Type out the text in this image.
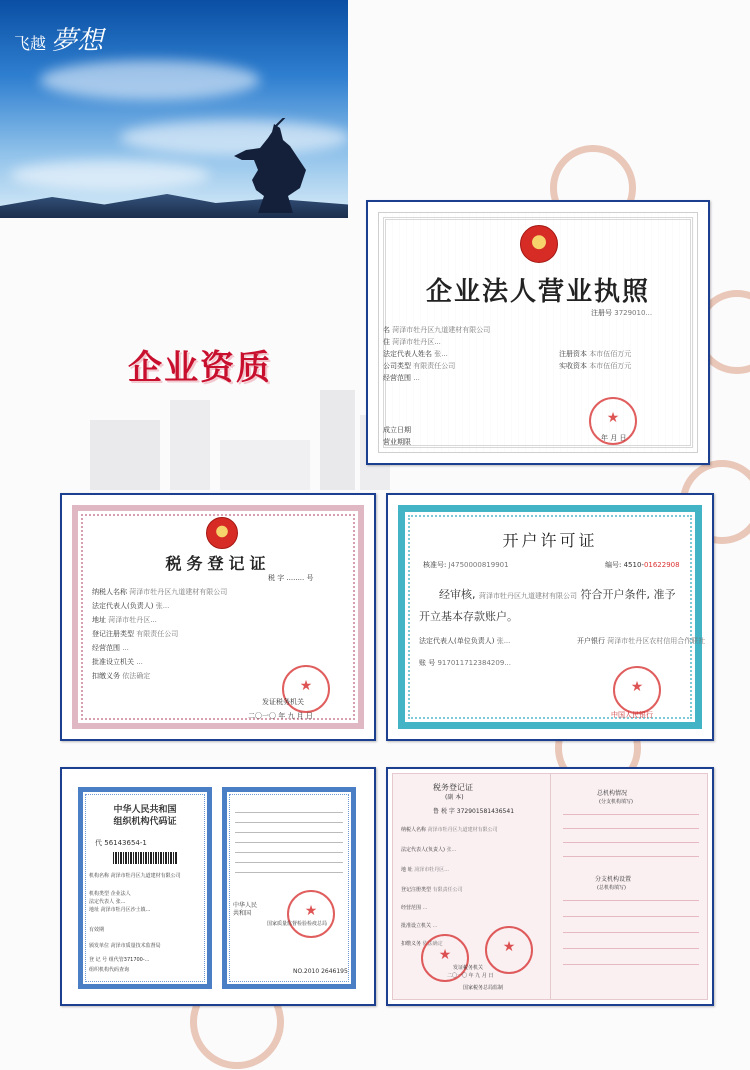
飞越 夢想
企业资质
企业法人营业执照
注册号 3729010...
名 菏泽市牡丹区九道建材有限公司
住 菏泽市牡丹区...
法定代表人姓名 张...
公司类型 有限责任公司
经营范围 ...
注册资本 本市伍佰万元
实收资本 本市伍佰万元
成立日期
营业期限	年 月 日
★
税务登记证
税 字 ........ 号
纳税人名称 菏泽市牡丹区九道建材有限公司
法定代表人(负责人) 张...
地址 菏泽市牡丹区...
登记注册类型 有限责任公司
经营范围 ...
批准设立机关 ...
扣缴义务 依法确定
★
发证税务机关
二〇一〇 年 九 月 日
开户许可证
核准号: J4750000819901	编号: 4510-01622908
经审核, 菏泽市牡丹区九道建材有限公司 符合开户条件, 准予
开立基本存款账户。
法定代表人(单位负责人) 张...	开户银行 菏泽市牡丹区农村信用合作联社
账 号 917011712384209...
★
中国人民银行
中华人民共和国
组织机构代码证
代 56143654-1
机构名称 菏泽市牡丹区九道建材有限公司
机构类型 企业法人
法定代表人 张...
地址 菏泽市牡丹区沙土镇...
有效期
颁发单位 菏泽市质量技术监督局
登 记 号 组代管371700-...
组织机构代码查询
中华人民
共和国
★
国家质量监督检验检疫总局
NO.2010 2646195
税务登记证
(副 本)
鲁 税 字 372901581436541
纳税人名称 菏泽市牡丹区九道建材有限公司
法定代表人(负责人) 张...
地 址 菏泽市牡丹区...
登记注册类型 有限责任公司
经营范围 ...
批准设立机关 ...
扣缴义务 依法确定
★
★
发证税务机关
二〇一〇 年 九 月 日
国家税务总局监制
总机构情况
(分支机构填写)
分支机构设置
(总机构填写)
